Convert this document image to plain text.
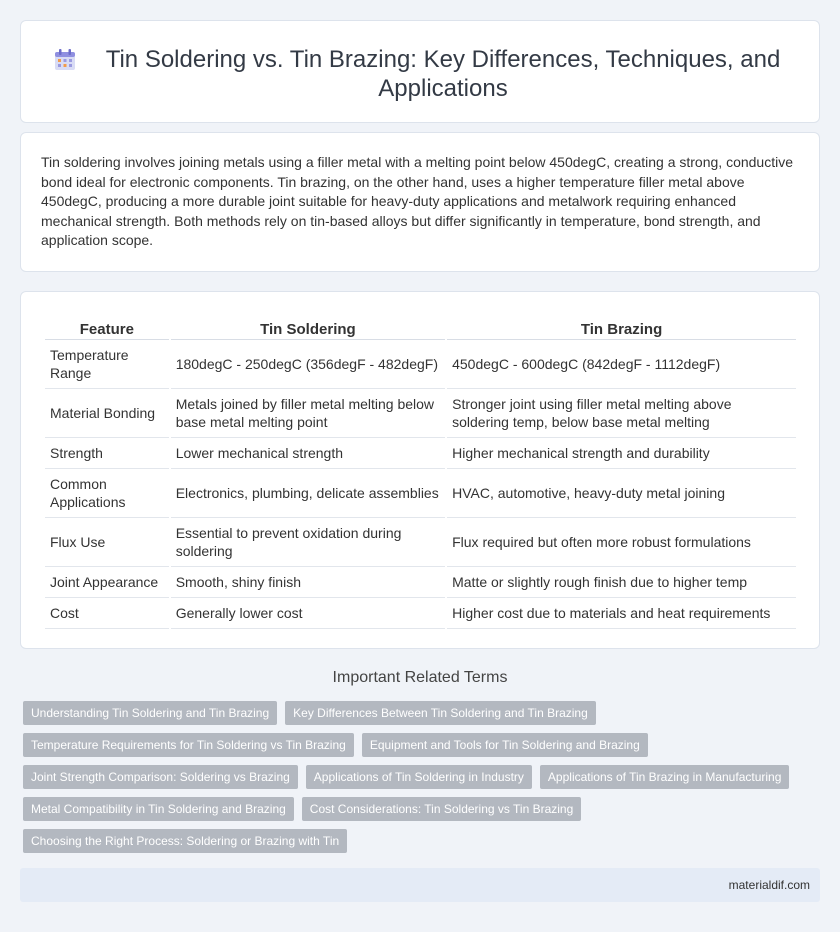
Tin Soldering vs. Tin Brazing: Key Differences, Techniques, and Applications

Tin soldering involves joining metals using a filler metal with a melting point below 450degC, creating a strong, conductive bond ideal for electronic components. Tin brazing, on the other hand, uses a higher temperature filler metal above 450degC, producing a more durable joint suitable for heavy-duty applications and metalwork requiring enhanced mechanical strength. Both methods rely on tin-based alloys but differ significantly in temperature, bond strength, and application scope.

Feature	Tin Soldering	Tin Brazing
Temperature Range	180degC - 250degC (356degF - 482degF)	450degC - 600degC (842degF - 1112degF)
Material Bonding	Metals joined by filler metal melting below base metal melting point	Stronger joint using filler metal melting above soldering temp, below base metal melting
Strength	Lower mechanical strength	Higher mechanical strength and durability
Common Applications	Electronics, plumbing, delicate assemblies	HVAC, automotive, heavy-duty metal joining
Flux Use	Essential to prevent oxidation during soldering	Flux required but often more robust formulations
Joint Appearance	Smooth, shiny finish	Matte or slightly rough finish due to higher temp
Cost	Generally lower cost	Higher cost due to materials and heat requirements
Important Related Terms
Understanding Tin Soldering and Tin Brazing	Key Differences Between Tin Soldering and Tin Brazing
Temperature Requirements for Tin Soldering vs Tin Brazing	Equipment and Tools for Tin Soldering and Brazing
Joint Strength Comparison: Soldering vs Brazing	Applications of Tin Soldering in Industry	Applications of Tin Brazing in Manufacturing
Metal Compatibility in Tin Soldering and Brazing	Cost Considerations: Tin Soldering vs Tin Brazing
Choosing the Right Process: Soldering or Brazing with Tin
materialdif.com
